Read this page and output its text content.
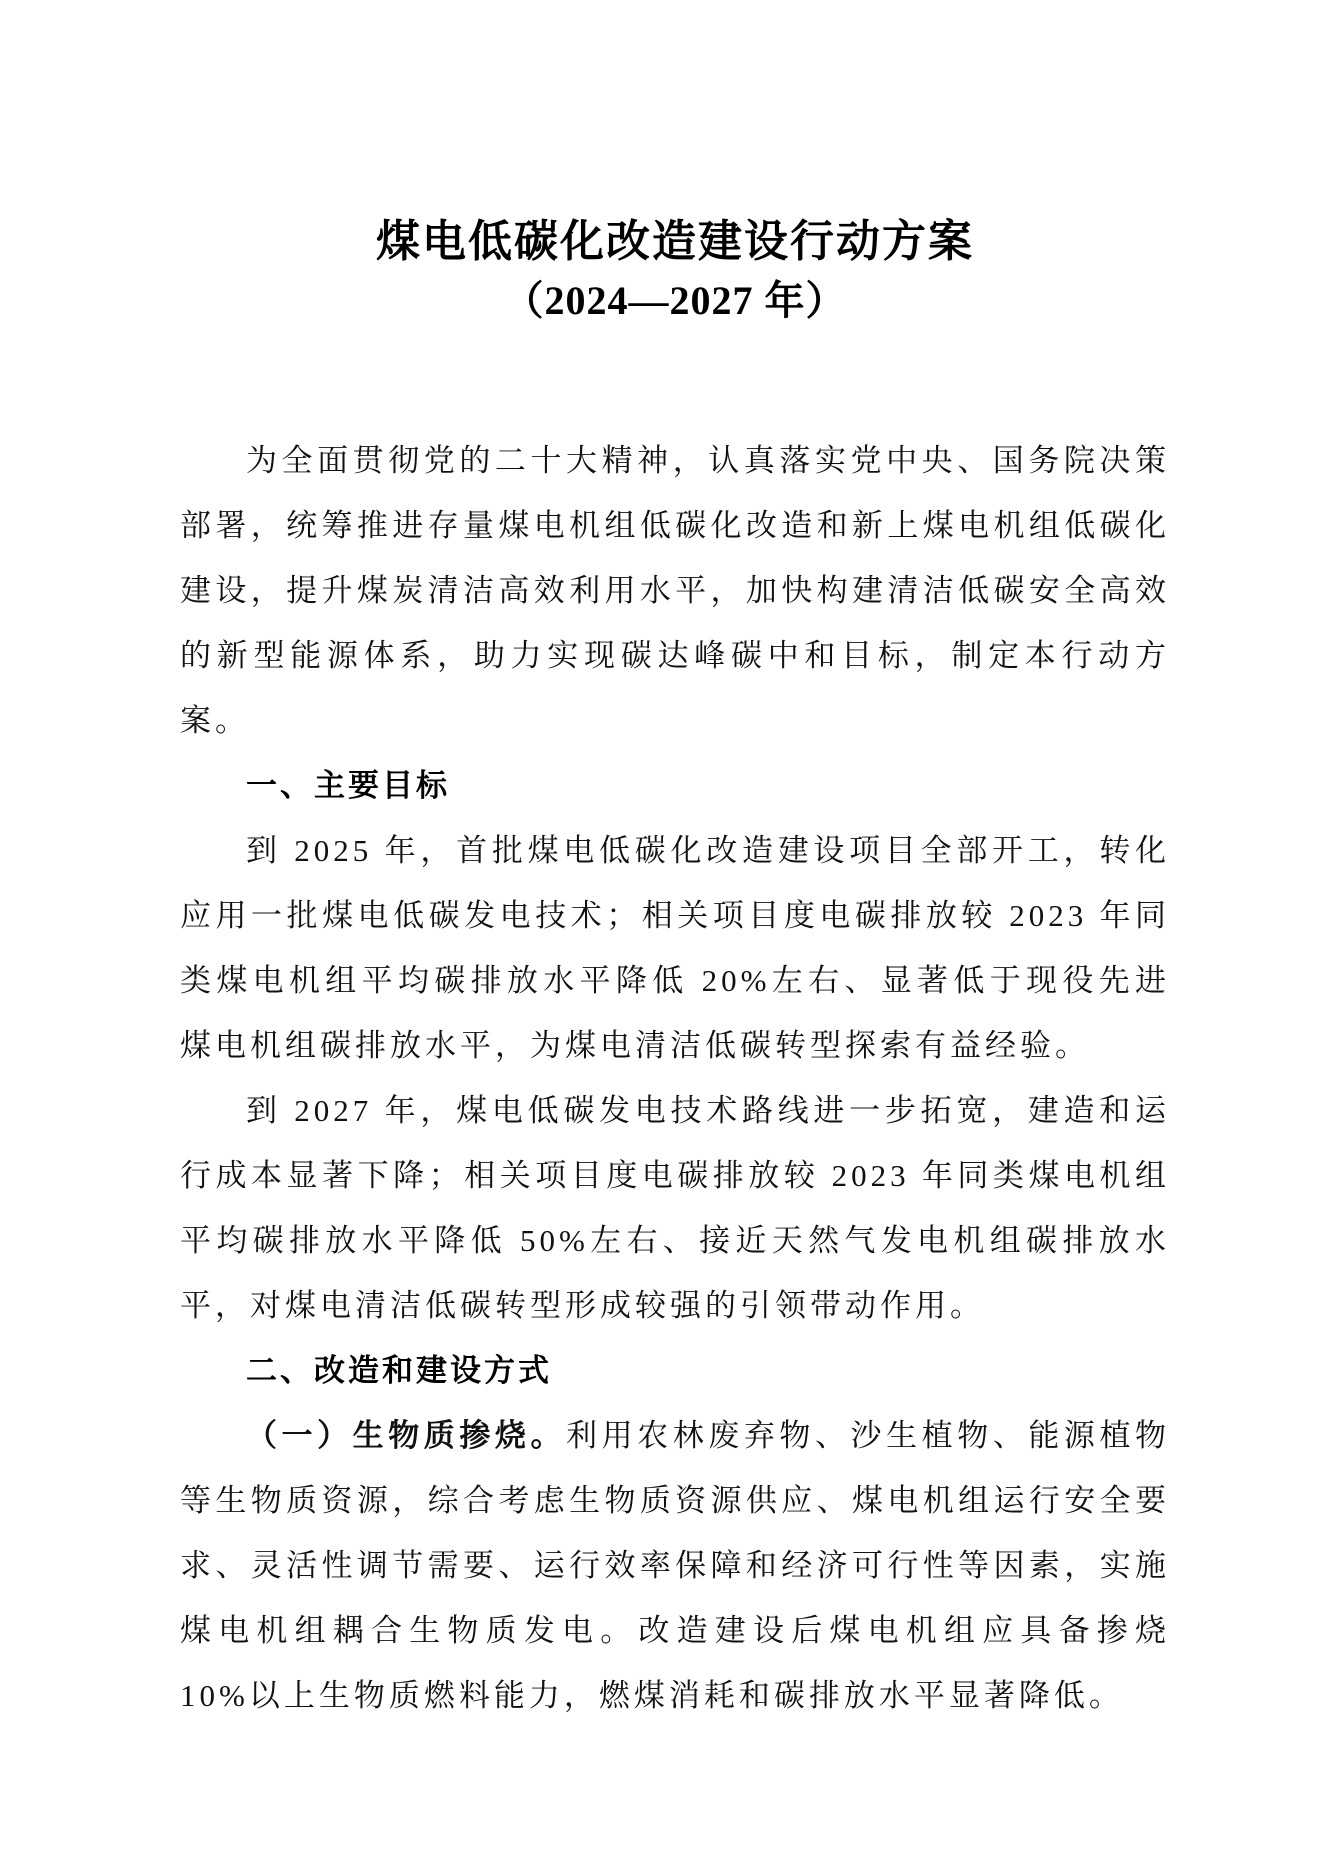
煤电低碳化改造建设行动方案
（2024—2027 年）

为全面贯彻党的二十大精神，认真落实党中央、国务院决策部署，统筹推进存量煤电机组低碳化改造和新上煤电机组低碳化建设，提升煤炭清洁高效利用水平，加快构建清洁低碳安全高效的新型能源体系，助力实现碳达峰碳中和目标，制定本行动方案。

一、主要目标

到 2025 年，首批煤电低碳化改造建设项目全部开工，转化应用一批煤电低碳发电技术；相关项目度电碳排放较 2023 年同类煤电机组平均碳排放水平降低 20%左右、显著低于现役先进煤电机组碳排放水平，为煤电清洁低碳转型探索有益经验。

到 2027 年，煤电低碳发电技术路线进一步拓宽，建造和运行成本显著下降；相关项目度电碳排放较 2023 年同类煤电机组平均碳排放水平降低 50%左右、接近天然气发电机组碳排放水平，对煤电清洁低碳转型形成较强的引领带动作用。

二、改造和建设方式

（一）生物质掺烧。利用农林废弃物、沙生植物、能源植物等生物质资源，综合考虑生物质资源供应、煤电机组运行安全要求、灵活性调节需要、运行效率保障和经济可行性等因素，实施煤电机组耦合生物质发电。改造建设后煤电机组应具备掺烧 10%以上生物质燃料能力，燃煤消耗和碳排放水平显著降低。
